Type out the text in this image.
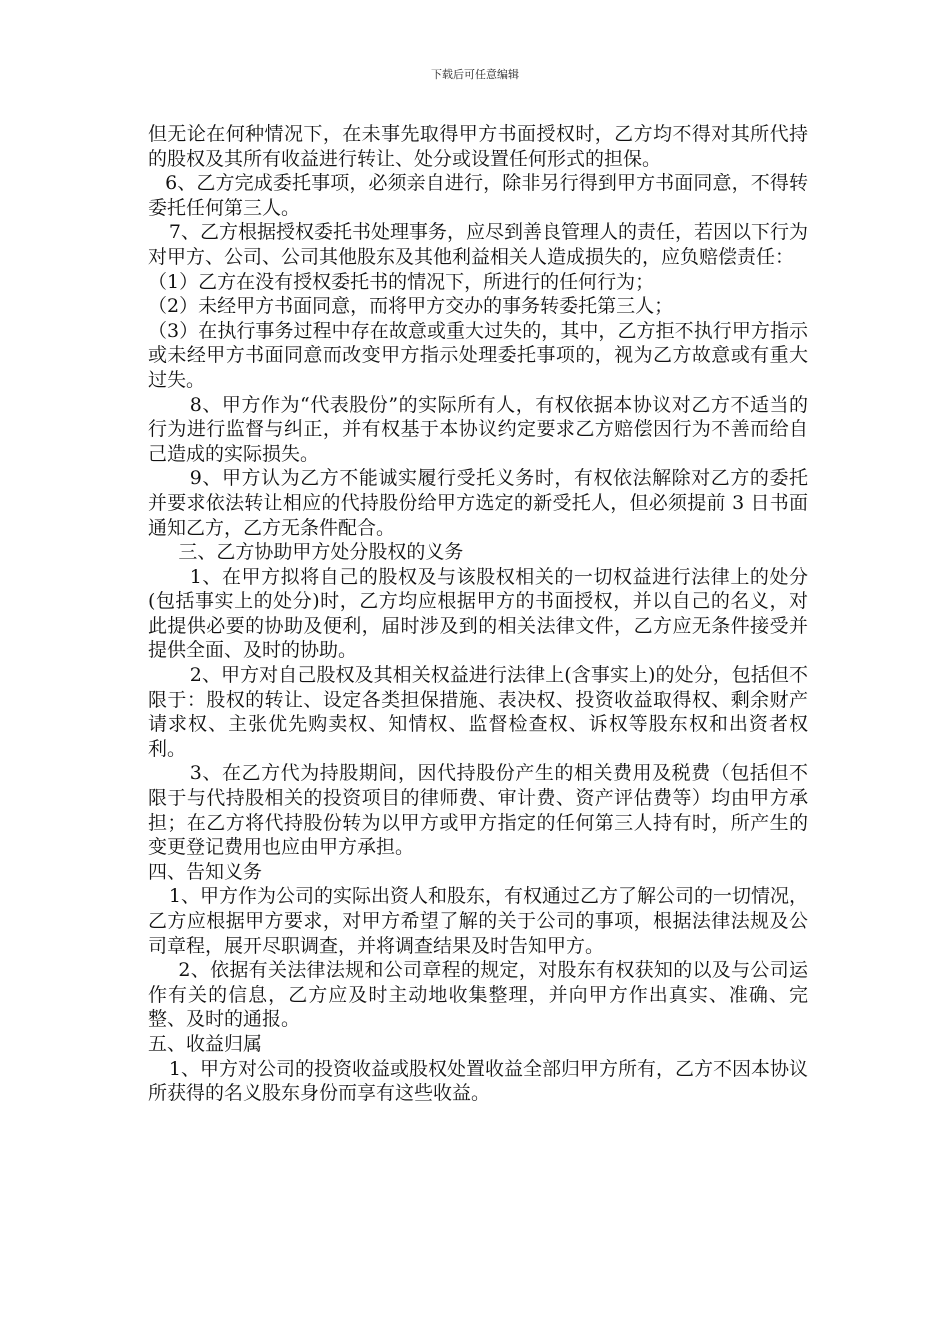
下载后可任意编辑

但无论在何种情况下，在未事先取得甲方书面授权时，乙方均不得对其所代持的股权及其所有收益进行转让、处分或设置任何形式的担保。

6、乙方完成委托事项，必须亲自进行，除非另行得到甲方书面同意，不得转委托任何第三人。

7、乙方根据授权委托书处理事务，应尽到善良管理人的责任，若因以下行为对甲方、公司、公司其他股东及其他利益相关人造成损失的，应负赔偿责任：

（1）乙方在没有授权委托书的情况下，所进行的任何行为；

（2）未经甲方书面同意，而将甲方交办的事务转委托第三人；

（3）在执行事务过程中存在故意或重大过失的，其中，乙方拒不执行甲方指示或未经甲方书面同意而改变甲方指示处理委托事项的，视为乙方故意或有重大过失。

8、甲方作为“代表股份”的实际所有人，有权依据本协议对乙方不适当的行为进行监督与纠正，并有权基于本协议约定要求乙方赔偿因行为不善而给自己造成的实际损失。

9、甲方认为乙方不能诚实履行受托义务时，有权依法解除对乙方的委托并要求依法转让相应的代持股份给甲方选定的新受托人，但必须提前 3 日书面通知乙方，乙方无条件配合。

三、乙方协助甲方处分股权的义务

1、在甲方拟将自己的股权及与该股权相关的一切权益进行法律上的处分(包括事实上的处分)时，乙方均应根据甲方的书面授权，并以自己的名义，对此提供必要的协助及便利，届时涉及到的相关法律文件，乙方应无条件接受并提供全面、及时的协助。

2、甲方对自己股权及其相关权益进行法律上(含事实上)的处分，包括但不限于：股权的转让、设定各类担保措施、表决权、投资收益取得权、剩余财产请求权、主张优先购卖权、知情权、监督检查权、诉权等股东权和出资者权利。

3、在乙方代为持股期间，因代持股份产生的相关费用及税费（包括但不限于与代持股相关的投资项目的律师费、审计费、资产评估费等）均由甲方承担；在乙方将代持股份转为以甲方或甲方指定的任何第三人持有时，所产生的变更登记费用也应由甲方承担。

四、告知义务

1、甲方作为公司的实际出资人和股东，有权通过乙方了解公司的一切情况，乙方应根据甲方要求，对甲方希望了解的关于公司的事项，根据法律法规及公司章程，展开尽职调查，并将调查结果及时告知甲方。

2、依据有关法律法规和公司章程的规定，对股东有权获知的以及与公司运作有关的信息，乙方应及时主动地收集整理，并向甲方作出真实、准确、完整、及时的通报。

五、收益归属

1、甲方对公司的投资收益或股权处置收益全部归甲方所有，乙方不因本协议所获得的名义股东身份而享有这些收益。
